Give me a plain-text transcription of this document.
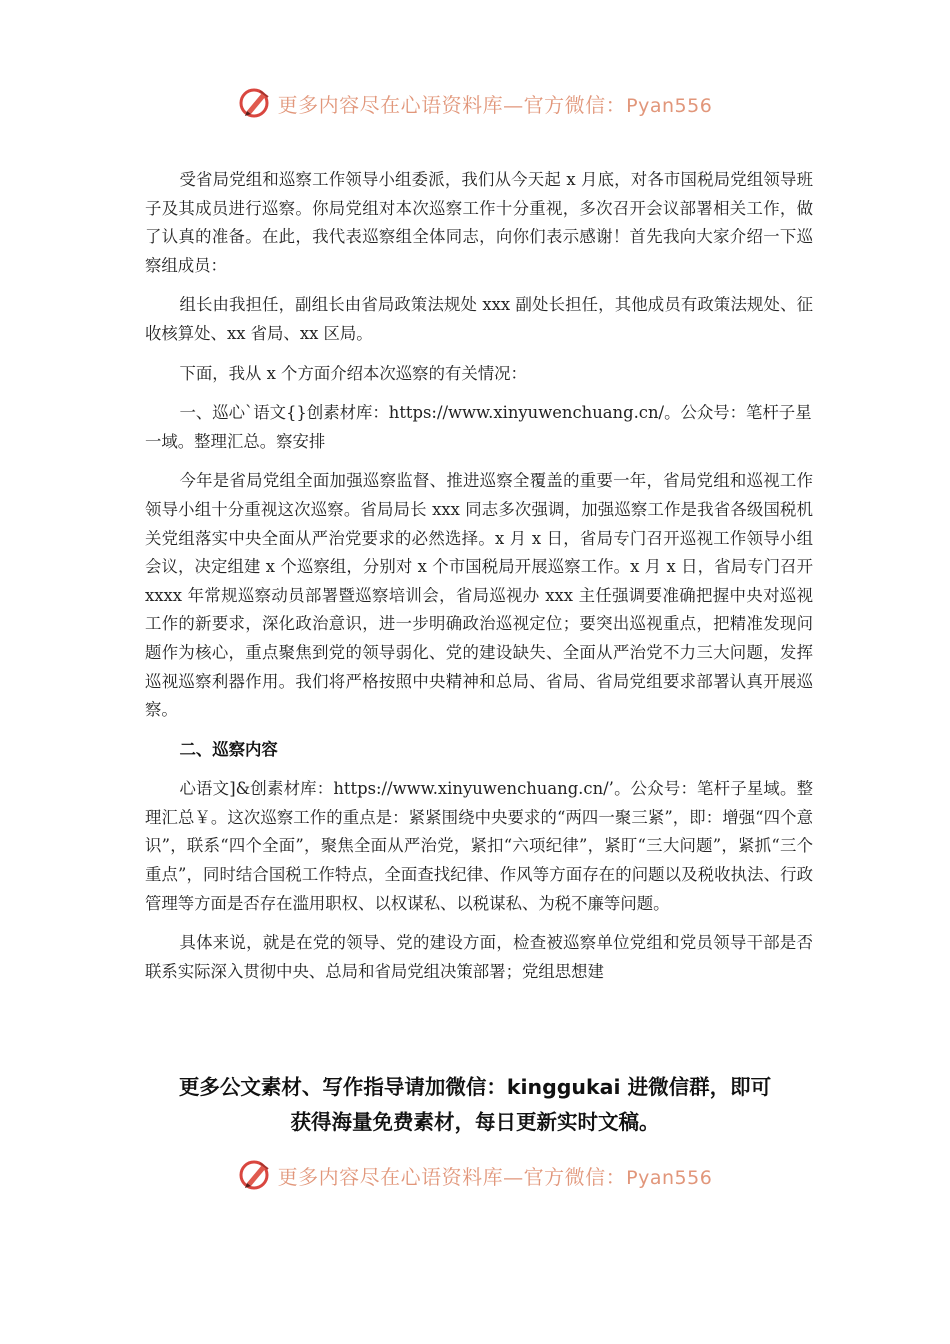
更多内容尽在心语资料库—官方微信：Pyan556

受省局党组和巡察工作领导小组委派，我们从今天起 x 月底，对各市国税局党组领导班子及其成员进行巡察。你局党组对本次巡察工作十分重视，多次召开会议部署相关工作，做了认真的准备。在此，我代表巡察组全体同志，向你们表示感谢！首先我向大家介绍一下巡察组成员：

组长由我担任，副组长由省局政策法规处 xxx 副处长担任，其他成员有政策法规处、征收核算处、xx 省局、xx 区局。

下面，我从 x 个方面介绍本次巡察的有关情况：

一、巡心`语文{}创素材库：https://www.xinyuwenchuang.cn/。公众号：笔杆子星一域。整理汇总。察安排

今年是省局党组全面加强巡察监督、推进巡察全覆盖的重要一年，省局党组和巡视工作领导小组十分重视这次巡察。省局局长 xxx 同志多次强调，加强巡察工作是我省各级国税机关党组落实中央全面从严治党要求的必然选择。x 月 x 日，省局专门召开巡视工作领导小组会议，决定组建 x 个巡察组，分别对 x 个市国税局开展巡察工作。x 月 x 日，省局专门召开 xxxx 年常规巡察动员部署暨巡察培训会，省局巡视办 xxx 主任强调要准确把握中央对巡视工作的新要求，深化政治意识，进一步明确政治巡视定位；要突出巡视重点，把精准发现问题作为核心，重点聚焦到党的领导弱化、党的建设缺失、全面从严治党不力三大问题，发挥巡视巡察利器作用。我们将严格按照中央精神和总局、省局、省局党组要求部署认真开展巡察。

二、巡察内容

心语文]&创素材库：https://www.xinyuwenchuang.cn/’。公众号：笔杆子星域。整理汇总￥。这次巡察工作的重点是：紧紧围绕中央要求的“两四一聚三紧”，即：增强“四个意识”，联系“四个全面”，聚焦全面从严治党，紧扣“六项纪律”，紧盯“三大问题”，紧抓“三个重点”，同时结合国税工作特点，全面查找纪律、作风等方面存在的问题以及税收执法、行政管理等方面是否存在滥用职权、以权谋私、以税谋私、为税不廉等问题。

具体来说，就是在党的领导、党的建设方面，检查被巡察单位党组和党员领导干部是否联系实际深入贯彻中央、总局和省局党组决策部署；党组思想建

更多公文素材、写作指导请加微信：kinggukai 进微信群，即可
获得海量免费素材，每日更新实时文稿。
更多内容尽在心语资料库—官方微信：Pyan556
